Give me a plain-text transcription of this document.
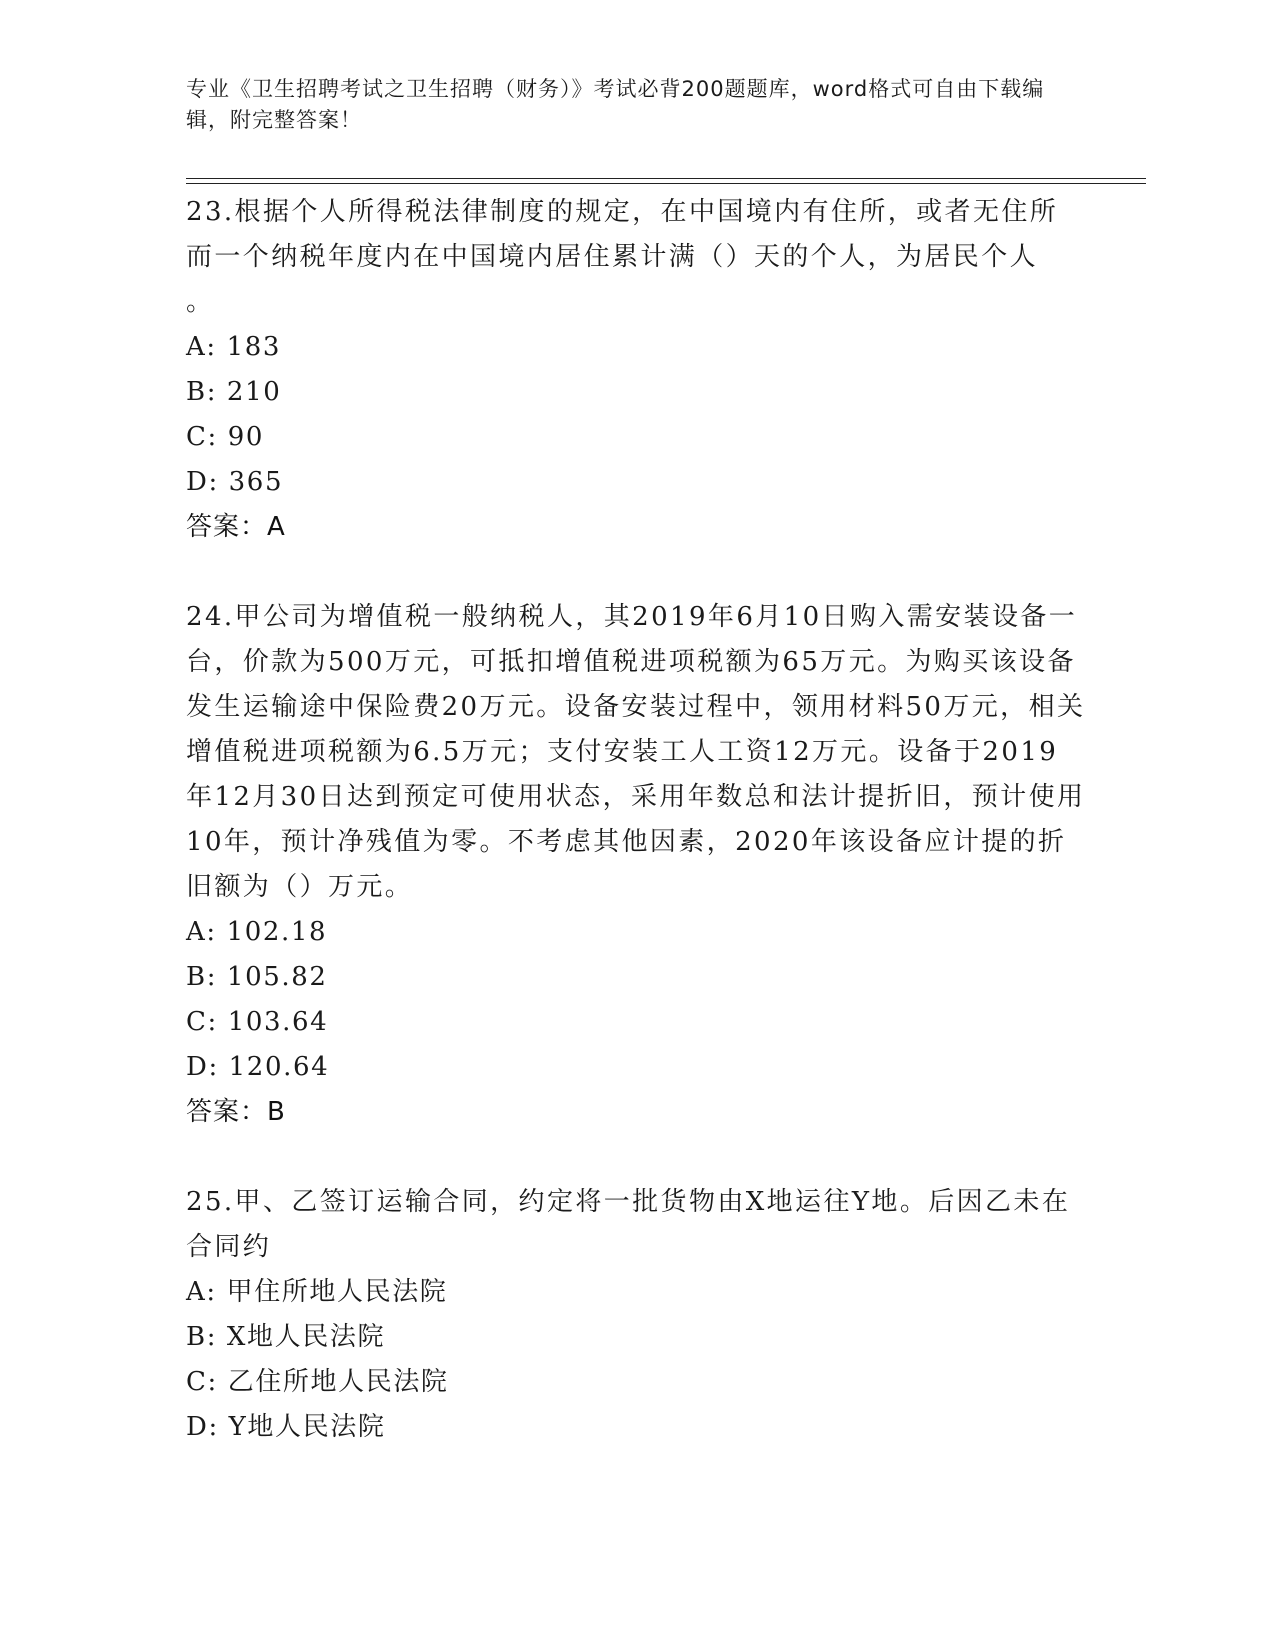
专业《卫生招聘考试之卫生招聘（财务）》考试必背200题题库，word格式可自由下载编辑，附完整答案！

23.根据个人所得税法律制度的规定，在中国境内有住所，或者无住所而一个纳税年度内在中国境内居住累计满（）天的个人，为居民个人
。

A: 183
B: 210
C: 90
D: 365

答案：A

24.甲公司为增值税一般纳税人，其2019年6月10日购入需安装设备一台，价款为500万元，可抵扣增值税进项税额为65万元。为购买该设备发生运输途中保险费20万元。设备安装过程中，领用材料50万元，相关增值税进项税额为6.5万元；支付安装工人工资12万元。设备于2019年12月30日达到预定可使用状态，采用年数总和法计提折旧，预计使用10年，预计净残值为零。不考虑其他因素，2020年该设备应计提的折旧额为（）万元。

A: 102.18
B: 105.82
C: 103.64
D: 120.64

答案：B

25.甲、乙签订运输合同，约定将一批货物由X地运往Y地。后因乙未在合同约

A: 甲住所地人民法院
B: X地人民法院
C: 乙住所地人民法院
D: Y地人民法院
